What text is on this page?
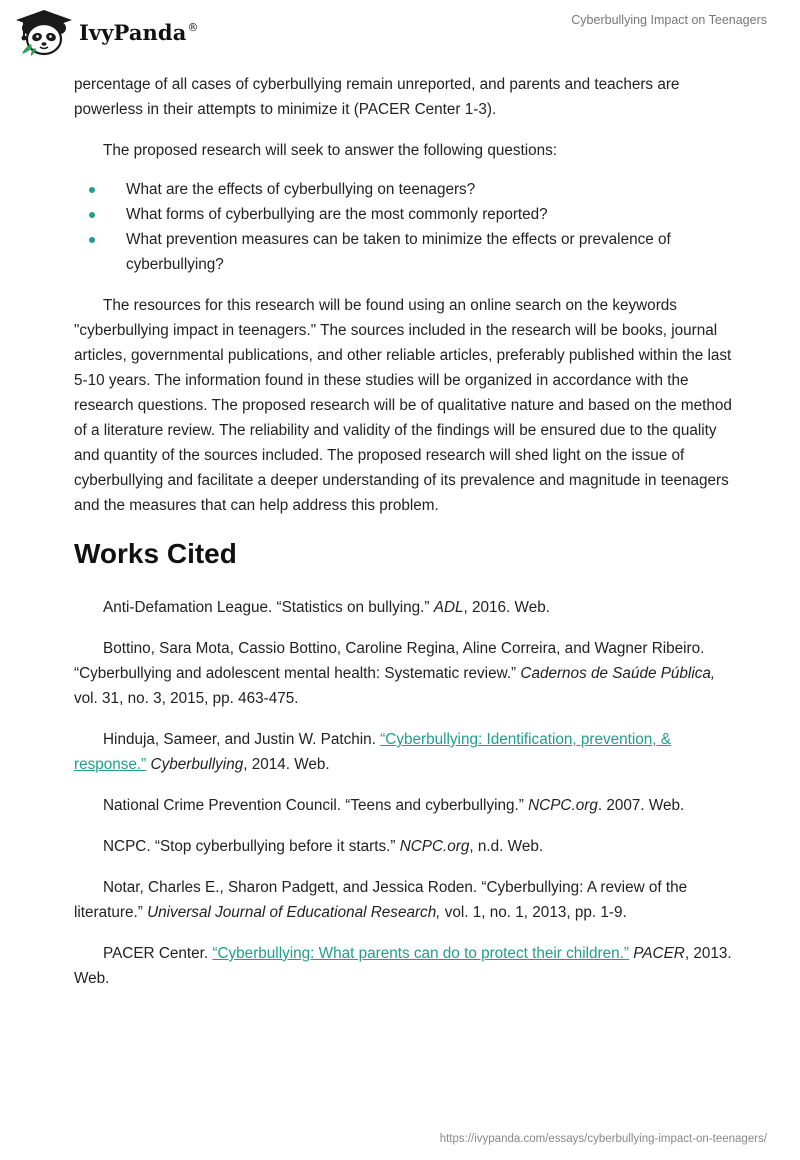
IvyPanda®	Cyberbullying Impact on Teenagers

percentage of all cases of cyberbullying remain unreported, and parents and teachers are powerless in their attempts to minimize it (PACER Center 1-3).

The proposed research will seek to answer the following questions:

What are the effects of cyberbullying on teenagers?
What forms of cyberbullying are the most commonly reported?
What prevention measures can be taken to minimize the effects or prevalence of cyberbullying?

The resources for this research will be found using an online search on the keywords "cyberbullying impact in teenagers." The sources included in the research will be books, journal articles, governmental publications, and other reliable articles, preferably published within the last 5-10 years. The information found in these studies will be organized in accordance with the research questions. The proposed research will be of qualitative nature and based on the method of a literature review. The reliability and validity of the findings will be ensured due to the quality and quantity of the sources included. The proposed research will shed light on the issue of cyberbullying and facilitate a deeper understanding of its prevalence and magnitude in teenagers and the measures that can help address this problem.

Works Cited

Anti-Defamation League. “Statistics on bullying.” ADL, 2016. Web.

Bottino, Sara Mota, Cassio Bottino, Caroline Regina, Aline Correira, and Wagner Ribeiro. “Cyberbullying and adolescent mental health: Systematic review.” Cadernos de Saúde Pública, vol. 31, no. 3, 2015, pp. 463-475.

Hinduja, Sameer, and Justin W. Patchin. “Cyberbullying: Identification, prevention, & response.” Cyberbullying, 2014. Web.

National Crime Prevention Council. “Teens and cyberbullying.” NCPC.org. 2007. Web.

NCPC. “Stop cyberbullying before it starts.” NCPC.org, n.d. Web.

Notar, Charles E., Sharon Padgett, and Jessica Roden. “Cyberbullying: A review of the literature.” Universal Journal of Educational Research, vol. 1, no. 1, 2013, pp. 1-9.

PACER Center. “Cyberbullying: What parents can do to protect their children.” PACER, 2013. Web.

https://ivypanda.com/essays/cyberbullying-impact-on-teenagers/
